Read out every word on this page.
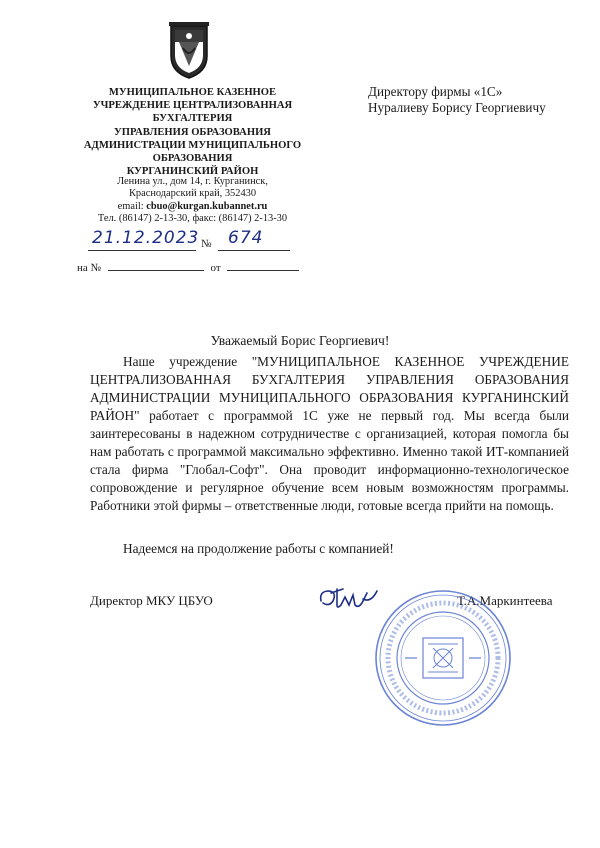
МУНИЦИПАЛЬНОЕ КАЗЕННОЕ
УЧРЕЖДЕНИЕ ЦЕНТРАЛИЗОВАННАЯ
БУХГАЛТЕРИЯ
УПРАВЛЕНИЯ ОБРАЗОВАНИЯ
АДМИНИСТРАЦИИ МУНИЦИПАЛЬНОГО
ОБРАЗОВАНИЯ
КУРГАНИНСКИЙ РАЙОН
Ленина ул., дом 14, г. Курганинск,
Краснодарский край, 352430
email: cbuo@kurgan.kubannet.ru
Тел. (86147) 2-13-30, факс: (86147) 2-13-30
Директору фирмы «1С»
Нуралиеву Борису Георгиевичу
21.12.2023 № 674
на №	от
Уважаемый Борис Георгиевич!

Наше учреждение "МУНИЦИПАЛЬНОЕ КАЗЕННОЕ УЧРЕЖДЕНИЕ ЦЕНТРАЛИЗОВАННАЯ БУХГАЛТЕРИЯ УПРАВЛЕНИЯ ОБРАЗОВАНИЯ АДМИНИСТРАЦИИ МУНИЦИПАЛЬНОГО ОБРАЗОВАНИЯ КУРГАНИНСКИЙ РАЙОН" работает с программой 1С уже не первый год. Мы всегда были заинтересованы в надежном сотрудничестве с организацией, которая помогла бы нам работать с программой максимально эффективно. Именно такой ИТ-компанией стала фирма "Глобал-Софт". Она проводит информационно-технологическое сопровождение и регулярное обучение всем новым возможностям программы. Работники этой фирмы – ответственные люди, готовые всегда прийти на помощь.

Надеемся на продолжение работы с компанией!
Директор МКУ ЦБУО	Т.А.Маркинтеева
